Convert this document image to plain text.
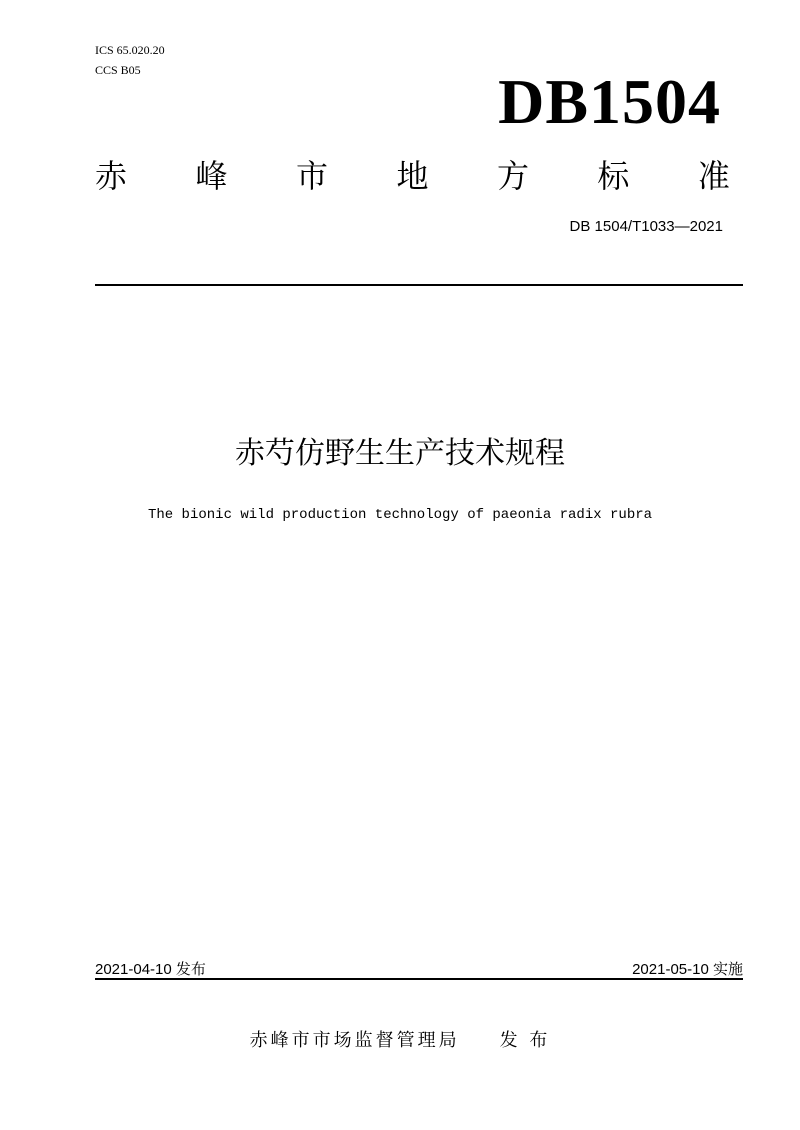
ICS 65.020.20
CCS B05	DB1504
赤 峰 市 地 方 标 准
DB 1504/T1033—2021
赤芍仿野生生产技术规程
The bionic wild production technology of paeonia radix rubra
2021-04-10 发布	2021-05-10 实施
赤峰市市场监督管理局 发 布
